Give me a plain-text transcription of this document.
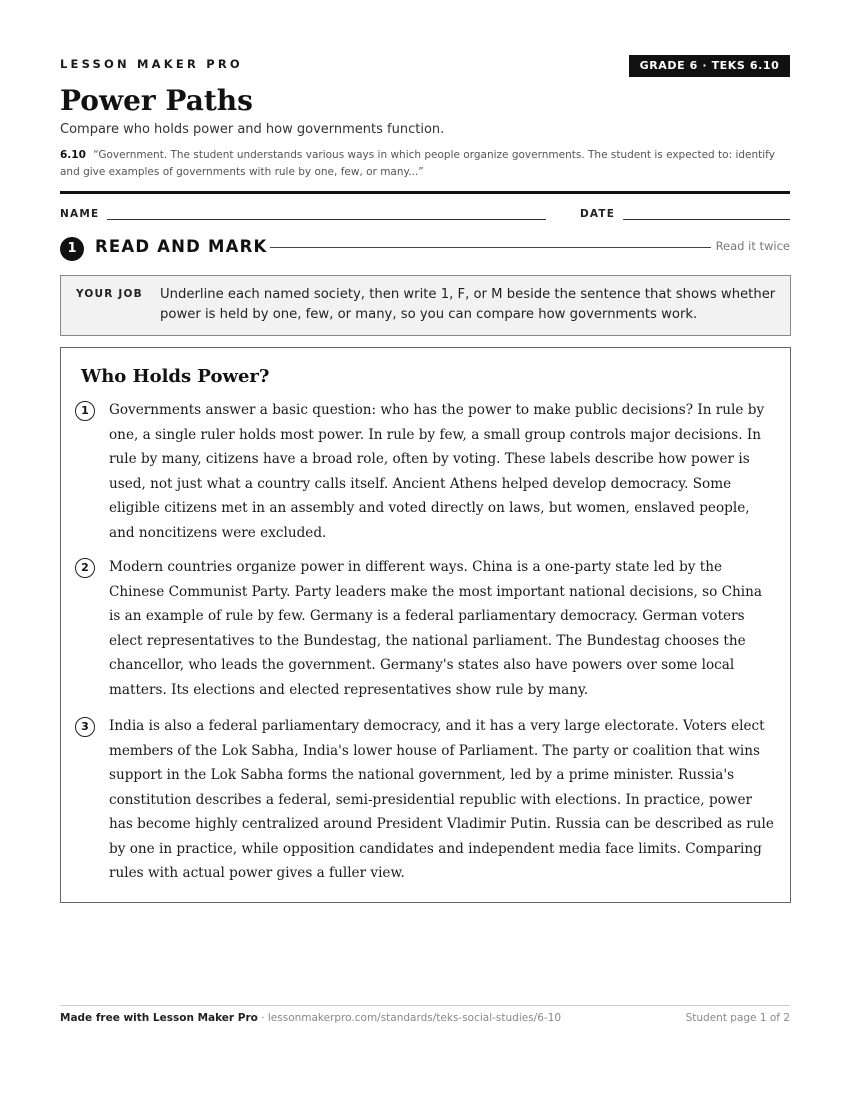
LESSON MAKER PRO	GRADE 6 · TEKS 6.10
Power Paths
Compare who holds power and how governments function.
6.10 “Government. The student understands various ways in which people organize governments. The student is expected to: identify and give examples of governments with rule by one, few, or many...”
NAME	DATE
1	READ AND MARK	Read it twice
YOUR JOB Underline each named society, then write 1, F, or M beside the sentence that shows whether power is held by one, few, or many, so you can compare how governments work.
Who Holds Power?
1	Governments answer a basic question: who has the power to make public decisions? In rule by one, a single ruler holds most power. In rule by few, a small group controls major decisions. In rule by many, citizens have a broad role, often by voting. These labels describe how power is used, not just what a country calls itself. Ancient Athens helped develop democracy. Some eligible citizens met in an assembly and voted directly on laws, but women, enslaved people, and noncitizens were excluded.
2	Modern countries organize power in different ways. China is a one-party state led by the Chinese Communist Party. Party leaders make the most important national decisions, so China is an example of rule by few. Germany is a federal parliamentary democracy. German voters elect representatives to the Bundestag, the national parliament. The Bundestag chooses the chancellor, who leads the government. Germany's states also have powers over some local matters. Its elections and elected representatives show rule by many.
3	India is also a federal parliamentary democracy, and it has a very large electorate. Voters elect members of the Lok Sabha, India's lower house of Parliament. The party or coalition that wins support in the Lok Sabha forms the national government, led by a prime minister. Russia's constitution describes a federal, semi-presidential republic with elections. In practice, power has become highly centralized around President Vladimir Putin. Russia can be described as rule by one in practice, while opposition candidates and independent media face limits. Comparing rules with actual power gives a fuller view.
Made free with Lesson Maker Pro · lessonmakerpro.com/standards/teks-social-studies/6-10	Student page 1 of 2
